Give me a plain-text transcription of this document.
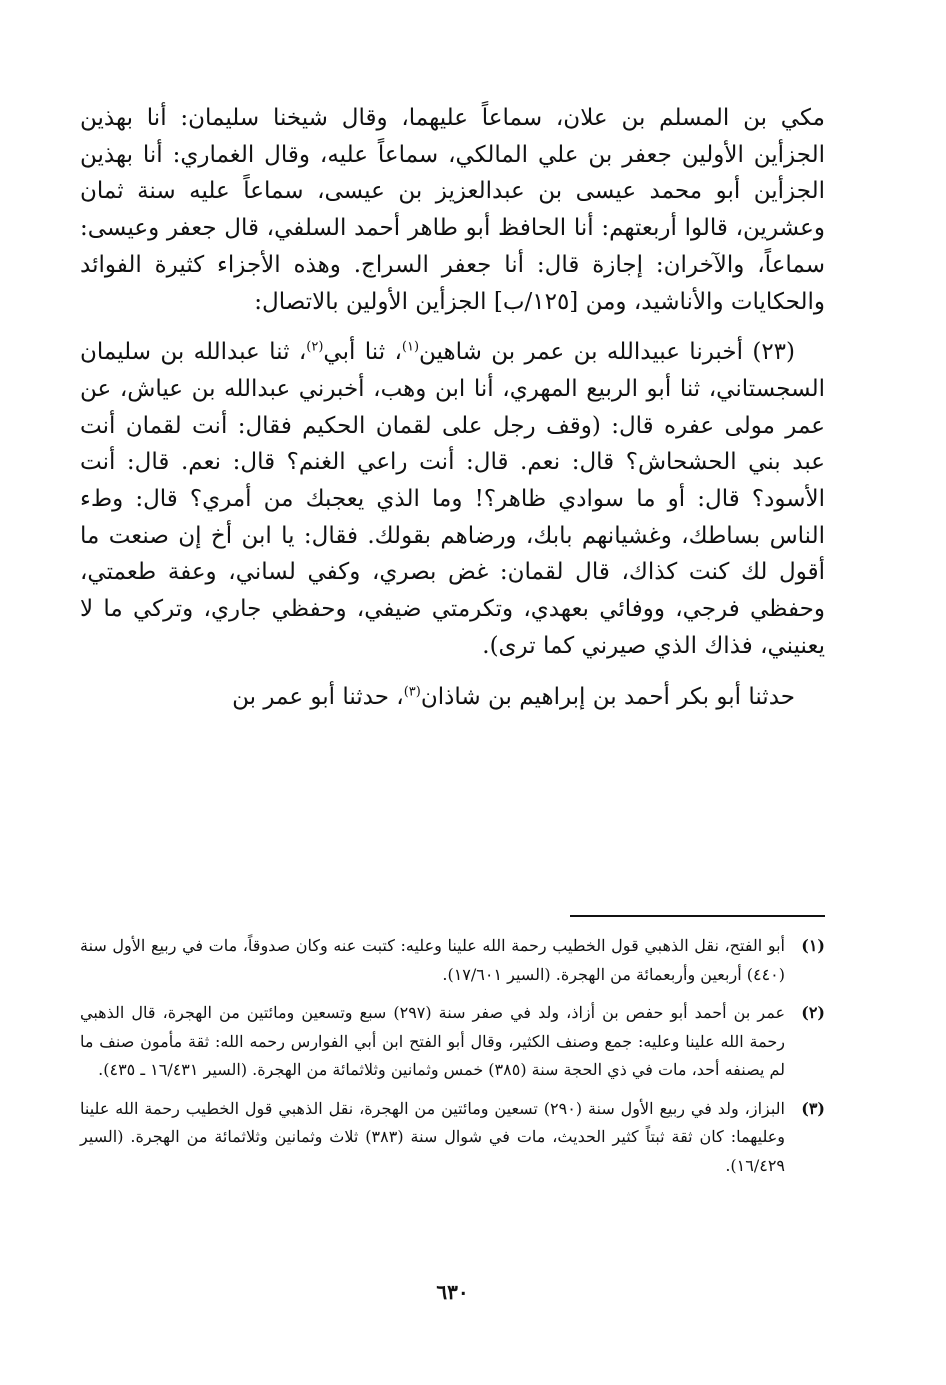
مكي بن المسلم بن علان، سماعاً عليهما، وقال شيخنا سليمان: أنا بهذين الجزأين الأولين جعفر بن علي المالكي، سماعاً عليه، وقال الغماري: أنا بهذين الجزأين أبو محمد عيسى بن عبدالعزيز بن عيسى، سماعاً عليه سنة ثمان وعشرين، قالوا أربعتهم: أنا الحافظ أبو طاهر أحمد السلفي، قال جعفر وعيسى: سماعاً، والآخران: إجازة قال: أنا جعفر السراج. وهذه الأجزاء كثيرة الفوائد والحكايات والأناشيد، ومن [١٢٥/ب] الجزأين الأولين بالاتصال:

(٢٣) أخبرنا عبيدالله بن عمر بن شاهين$^{(١)}$، ثنا أبي$^{(٢)}$، ثنا عبدالله بن سليمان السجستاني، ثنا أبو الربيع المهري، أنا ابن وهب، أخبرني عبدالله بن عياش، عن عمر مولى عفره قال: (وقف رجل على لقمان الحكيم فقال: أنت لقمان أنت عبد بني الحشحاش؟ قال: نعم. قال: أنت راعي الغنم؟ قال: نعم. قال: أنت الأسود؟ قال: أو ما سوادي ظاهر؟! وما الذي يعجبك من أمري؟ قال: وطء الناس بساطك، وغشيانهم بابك، ورضاهم بقولك. فقال: يا ابن أخ إن صنعت ما أقول لك كنت كذاك، قال لقمان: غض بصري، وكفي لساني، وعفة طعمتي، وحفظي فرجي، ووفائي بعهدي، وتكرمتي ضيفي، وحفظي جاري، وتركي ما لا يعنيني، فذاك الذي صيرني كما ترى).

حدثنا أبو بكر أحمد بن إبراهيم بن شاذان$^{(٣)}$، حدثنا أبو عمر بن

(١)
أبو الفتح، نقل الذهبي قول الخطيب رحمة الله علينا وعليه: كتبت عنه وكان صدوقاً، مات في ربيع الأول سنة (٤٤٠) أربعين وأربعمائة من الهجرة. (السير ١٧/٦٠١).
(٢)
عمر بن أحمد أبو حفص بن أزاذ، ولد في صفر سنة (٢٩٧) سبع وتسعين ومائتين من الهجرة، قال الذهبي رحمة الله علينا وعليه: جمع وصنف الكثير، وقال أبو الفتح ابن أبي الفوارس رحمه الله: ثقة مأمون صنف ما لم يصنفه أحد، مات في ذي الحجة سنة (٣٨٥) خمس وثمانين وثلاثمائة من الهجرة. (السير ١٦/٤٣١ ـ ٤٣٥).
(٣)
البزاز، ولد في ربيع الأول سنة (٢٩٠) تسعين ومائتين من الهجرة، نقل الذهبي قول الخطيب رحمة الله علينا وعليهما: كان ثقة ثبتاً كثير الحديث، مات في شوال سنة (٣٨٣) ثلاث وثمانين وثلاثمائة من الهجرة. (السير ١٦/٤٢٩).
٦٣٠
